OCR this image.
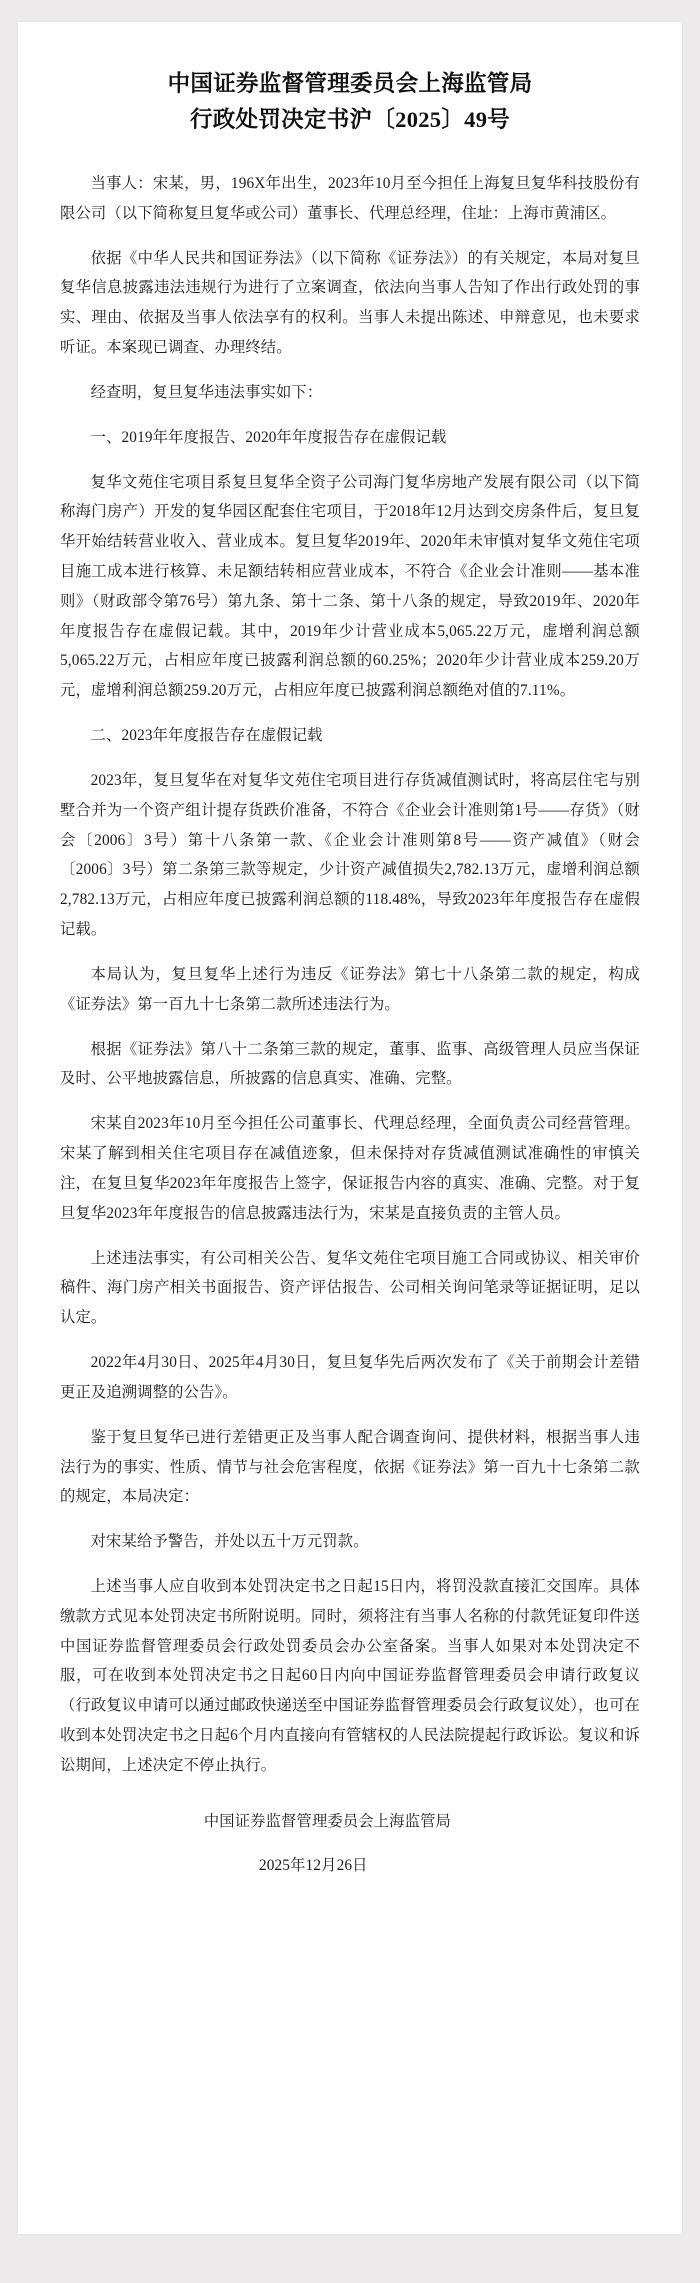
中国证券监督管理委员会上海监管局
行政处罚决定书沪〔2025〕49号

当事人：宋某，男，196X年出生，2023年10月至今担任上海复旦复华科技股份有限公司（以下简称复旦复华或公司）董事长、代理总经理，住址：上海市黄浦区。

依据《中华人民共和国证券法》（以下简称《证券法》）的有关规定，本局对复旦复华信息披露违法违规行为进行了立案调查，依法向当事人告知了作出行政处罚的事实、理由、依据及当事人依法享有的权利。当事人未提出陈述、申辩意见，也未要求听证。本案现已调查、办理终结。

经查明，复旦复华违法事实如下：

一、2019年年度报告、2020年年度报告存在虚假记载

复华文苑住宅项目系复旦复华全资子公司海门复华房地产发展有限公司（以下简称海门房产）开发的复华园区配套住宅项目，于2018年12月达到交房条件后，复旦复华开始结转营业收入、营业成本。复旦复华2019年、2020年未审慎对复华文苑住宅项目施工成本进行核算、未足额结转相应营业成本，不符合《企业会计准则——基本准则》（财政部令第76号）第九条、第十二条、第十八条的规定，导致2019年、2020年年度报告存在虚假记载。其中，2019年少计营业成本5,065.22万元，虚增利润总额5,065.22万元，占相应年度已披露利润总额的60.25%；2020年少计营业成本259.20万元，虚增利润总额259.20万元，占相应年度已披露利润总额绝对值的7.11%。

二、2023年年度报告存在虚假记载

2023年，复旦复华在对复华文苑住宅项目进行存货减值测试时，将高层住宅与别墅合并为一个资产组计提存货跌价准备，不符合《企业会计准则第1号——存货》（财会〔2006〕3号）第十八条第一款、《企业会计准则第8号——资产减值》（财会〔2006〕3号）第二条第三款等规定，少计资产减值损失2,782.13万元，虚增利润总额2,782.13万元，占相应年度已披露利润总额的118.48%，导致2023年年度报告存在虚假记载。

本局认为，复旦复华上述行为违反《证券法》第七十八条第二款的规定，构成《证券法》第一百九十七条第二款所述违法行为。

根据《证券法》第八十二条第三款的规定，董事、监事、高级管理人员应当保证及时、公平地披露信息，所披露的信息真实、准确、完整。

宋某自2023年10月至今担任公司董事长、代理总经理，全面负责公司经营管理。宋某了解到相关住宅项目存在减值迹象，但未保持对存货减值测试准确性的审慎关注，在复旦复华2023年年度报告上签字，保证报告内容的真实、准确、完整。对于复旦复华2023年年度报告的信息披露违法行为，宋某是直接负责的主管人员。

上述违法事实，有公司相关公告、复华文苑住宅项目施工合同或协议、相关审价稿件、海门房产相关书面报告、资产评估报告、公司相关询问笔录等证据证明，足以认定。

2022年4月30日、2025年4月30日，复旦复华先后两次发布了《关于前期会计差错更正及追溯调整的公告》。

鉴于复旦复华已进行差错更正及当事人配合调查询问、提供材料，根据当事人违法行为的事实、性质、情节与社会危害程度，依据《证券法》第一百九十七条第二款的规定，本局决定：

对宋某给予警告，并处以五十万元罚款。

上述当事人应自收到本处罚决定书之日起15日内，将罚没款直接汇交国库。具体缴款方式见本处罚决定书所附说明。同时，须将注有当事人名称的付款凭证复印件送中国证券监督管理委员会行政处罚委员会办公室备案。当事人如果对本处罚决定不服，可在收到本处罚决定书之日起60日内向中国证券监督管理委员会申请行政复议（行政复议申请可以通过邮政快递送至中国证券监督管理委员会行政复议处），也可在收到本处罚决定书之日起6个月内直接向有管辖权的人民法院提起行政诉讼。复议和诉讼期间，上述决定不停止执行。

中国证券监督管理委员会上海监管局

2025年12月26日
